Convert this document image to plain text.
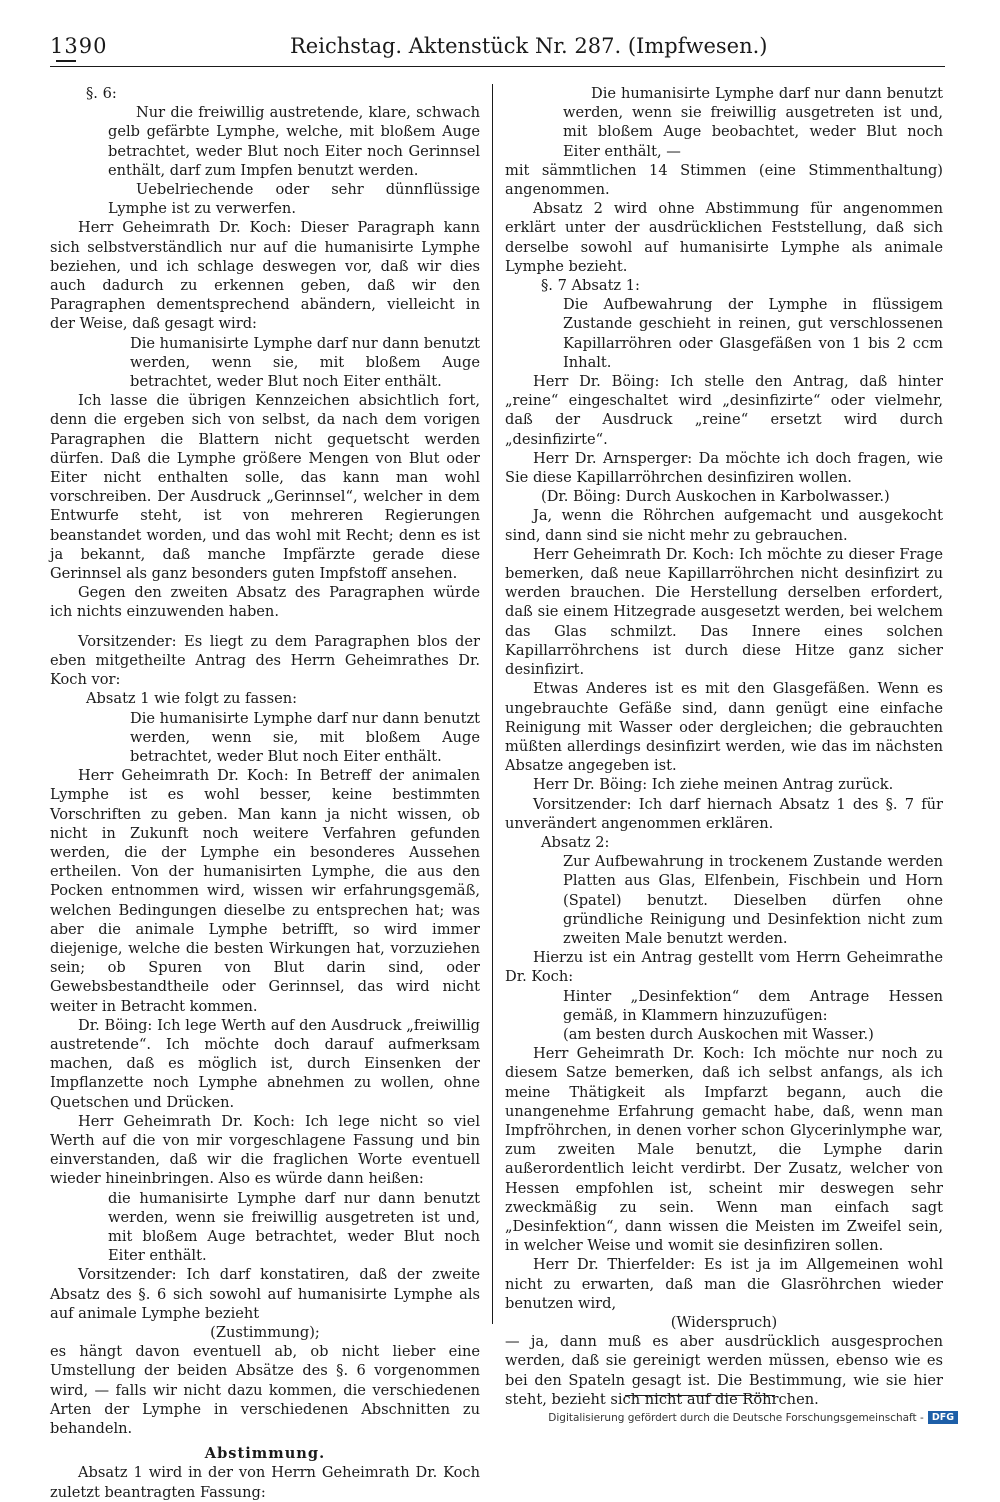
1390	Reichstag. Aktenstück Nr. 287. (Impfwesen.)

§. 6:

Nur die freiwillig austretende, klare, schwach gelb gefärbte Lymphe, welche, mit bloßem Auge betrachtet, weder Blut noch Eiter noch Gerinnsel enthält, darf zum Impfen benutzt werden.

Uebelriechende oder sehr dünnflüssige Lymphe ist zu verwerfen.

Herr Geheimrath Dr. Koch: Dieser Paragraph kann sich selbstverständlich nur auf die humanisirte Lymphe beziehen, und ich schlage deswegen vor, daß wir dies auch dadurch zu erkennen geben, daß wir den Paragraphen dementsprechend abändern, vielleicht in der Weise, daß gesagt wird:

Die humanisirte Lymphe darf nur dann benutzt werden, wenn sie, mit bloßem Auge betrachtet, weder Blut noch Eiter enthält.

Ich lasse die übrigen Kennzeichen absichtlich fort, denn die ergeben sich von selbst, da nach dem vorigen Paragraphen die Blattern nicht gequetscht werden dürfen. Daß die Lymphe größere Mengen von Blut oder Eiter nicht enthalten solle, das kann man wohl vorschreiben. Der Ausdruck „Gerinnsel“, welcher in dem Entwurfe steht, ist von mehreren Regierungen beanstandet worden, und das wohl mit Recht; denn es ist ja bekannt, daß manche Impfärzte gerade diese Gerinnsel als ganz besonders guten Impfstoff ansehen.

Gegen den zweiten Absatz des Paragraphen würde ich nichts einzuwenden haben.

Vorsitzender: Es liegt zu dem Paragraphen blos der eben mitgetheilte Antrag des Herrn Geheimrathes Dr. Koch vor:

Absatz 1 wie folgt zu fassen:

Die humanisirte Lymphe darf nur dann benutzt werden, wenn sie, mit bloßem Auge betrachtet, weder Blut noch Eiter enthält.

Herr Geheimrath Dr. Koch: In Betreff der animalen Lymphe ist es wohl besser, keine bestimmten Vorschriften zu geben. Man kann ja nicht wissen, ob nicht in Zukunft noch weitere Verfahren gefunden werden, die der Lymphe ein besonderes Aussehen ertheilen. Von der humanisirten Lymphe, die aus den Pocken entnommen wird, wissen wir erfahrungsgemäß, welchen Bedingungen dieselbe zu entsprechen hat; was aber die animale Lymphe betrifft, so wird immer diejenige, welche die besten Wirkungen hat, vorzuziehen sein; ob Spuren von Blut darin sind, oder Gewebsbestandtheile oder Gerinnsel, das wird nicht weiter in Betracht kommen.

Dr. Böing: Ich lege Werth auf den Ausdruck „freiwillig austretende“. Ich möchte doch darauf aufmerksam machen, daß es möglich ist, durch Einsenken der Impflanzette noch Lymphe abnehmen zu wollen, ohne Quetschen und Drücken.

Herr Geheimrath Dr. Koch: Ich lege nicht so viel Werth auf die von mir vorgeschlagene Fassung und bin einverstanden, daß wir die fraglichen Worte eventuell wieder hineinbringen. Also es würde dann heißen:

die humanisirte Lymphe darf nur dann benutzt werden, wenn sie freiwillig ausgetreten ist und, mit bloßem Auge betrachtet, weder Blut noch Eiter enthält.

Vorsitzender: Ich darf konstatiren, daß der zweite Absatz des §. 6 sich sowohl auf humanisirte Lymphe als auf animale Lymphe bezieht

(Zustimmung);

es hängt davon eventuell ab, ob nicht lieber eine Umstellung der beiden Absätze des §. 6 vorgenommen wird, — falls wir nicht dazu kommen, die verschiedenen Arten der Lymphe in verschiedenen Abschnitten zu behandeln.

Abstimmung.

Absatz 1 wird in der von Herrn Geheimrath Dr. Koch zuletzt beantragten Fassung:

Die humanisirte Lymphe darf nur dann benutzt werden, wenn sie freiwillig ausgetreten ist und, mit bloßem Auge beobachtet, weder Blut noch Eiter enthält, —

mit sämmtlichen 14 Stimmen (eine Stimmenthaltung) angenommen.

Absatz 2 wird ohne Abstimmung für angenommen erklärt unter der ausdrücklichen Feststellung, daß sich derselbe sowohl auf humanisirte Lymphe als animale Lymphe bezieht.

§. 7 Absatz 1:

Die Aufbewahrung der Lymphe in flüssigem Zustande geschieht in reinen, gut verschlossenen Kapillarröhren oder Glasgefäßen von 1 bis 2 ccm Inhalt.

Herr Dr. Böing: Ich stelle den Antrag, daß hinter „reine“ eingeschaltet wird „desinfizirte“ oder vielmehr, daß der Ausdruck „reine“ ersetzt wird durch „desinfizirte“.

Herr Dr. Arnsperger: Da möchte ich doch fragen, wie Sie diese Kapillarröhrchen desinfiziren wollen.

(Dr. Böing: Durch Auskochen in Karbolwasser.)

Ja, wenn die Röhrchen aufgemacht und ausgekocht sind, dann sind sie nicht mehr zu gebrauchen.

Herr Geheimrath Dr. Koch: Ich möchte zu dieser Frage bemerken, daß neue Kapillarröhrchen nicht desinfizirt zu werden brauchen. Die Herstellung derselben erfordert, daß sie einem Hitzegrade ausgesetzt werden, bei welchem das Glas schmilzt. Das Innere eines solchen Kapillarröhrchens ist durch diese Hitze ganz sicher desinfizirt.

Etwas Anderes ist es mit den Glasgefäßen. Wenn es ungebrauchte Gefäße sind, dann genügt eine einfache Reinigung mit Wasser oder dergleichen; die gebrauchten müßten allerdings desinfizirt werden, wie das im nächsten Absatze angegeben ist.

Herr Dr. Böing: Ich ziehe meinen Antrag zurück.

Vorsitzender: Ich darf hiernach Absatz 1 des §. 7 für unverändert angenommen erklären.

Absatz 2:

Zur Aufbewahrung in trockenem Zustande werden Platten aus Glas, Elfenbein, Fischbein und Horn (Spatel) benutzt. Dieselben dürfen ohne gründliche Reinigung und Desinfektion nicht zum zweiten Male benutzt werden.

Hierzu ist ein Antrag gestellt vom Herrn Geheimrathe Dr. Koch:

Hinter „Desinfektion“ dem Antrage Hessen gemäß, in Klammern hinzuzufügen:

(am besten durch Auskochen mit Wasser.)

Herr Geheimrath Dr. Koch: Ich möchte nur noch zu diesem Satze bemerken, daß ich selbst anfangs, als ich meine Thätigkeit als Impfarzt begann, auch die unangenehme Erfahrung gemacht habe, daß, wenn man Impfröhrchen, in denen vorher schon Glycerinlymphe war, zum zweiten Male benutzt, die Lymphe darin außerordentlich leicht verdirbt. Der Zusatz, welcher von Hessen empfohlen ist, scheint mir deswegen sehr zweckmäßig zu sein. Wenn man einfach sagt „Desinfektion“, dann wissen die Meisten im Zweifel sein, in welcher Weise und womit sie desinfiziren sollen.

Herr Dr. Thierfelder: Es ist ja im Allgemeinen wohl nicht zu erwarten, daß man die Glasröhrchen wieder benutzen wird,

(Widerspruch)

— ja, dann muß es aber ausdrücklich ausgesprochen werden, daß sie gereinigt werden müssen, ebenso wie es bei den Spateln gesagt ist. Die Bestimmung, wie sie hier steht, bezieht sich nicht auf die Röhrchen.

Digitalisierung gefördert durch die Deutsche Forschungsgemeinschaft - DFG
